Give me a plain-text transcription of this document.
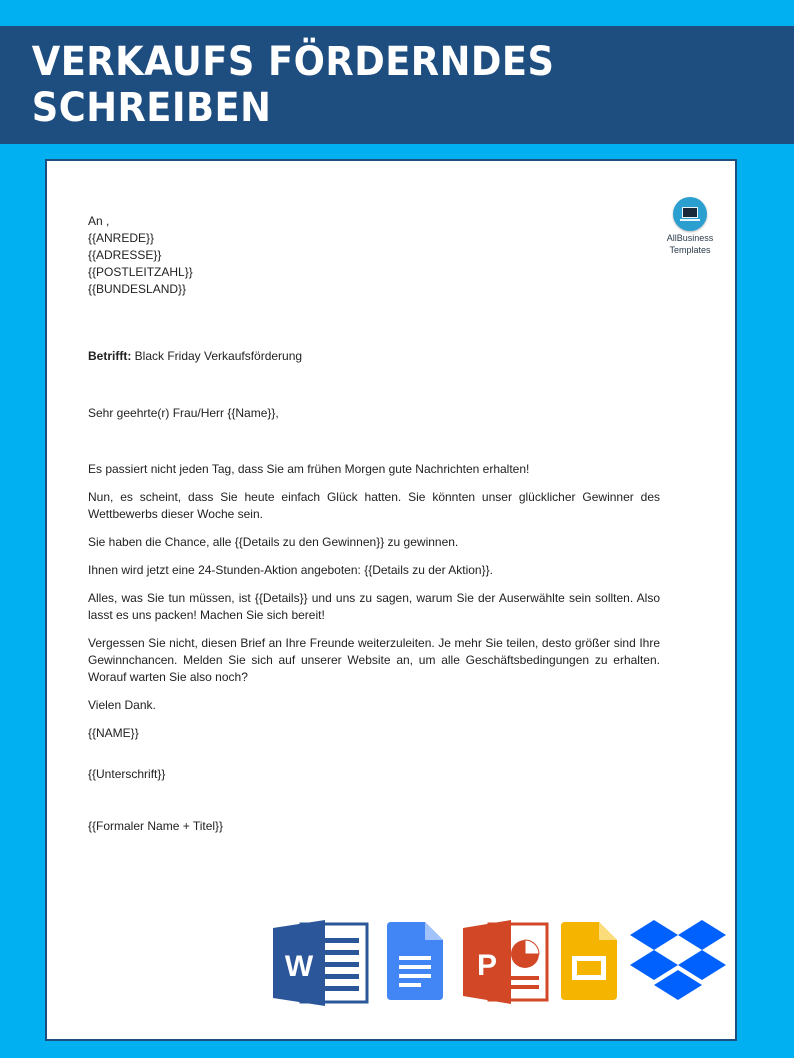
VERKAUFS FÖRDERNDES SCHREIBEN
AllBusiness
Templates
An ,
{{ANREDE}}
{{ADRESSE}}
{{POSTLEITZAHL}}
{{BUNDESLAND}}

Betrifft: Black Friday Verkaufsförderung

Sehr geehrte(r) Frau/Herr {{Name}},

Es passiert nicht jeden Tag, dass Sie am frühen Morgen gute Nachrichten erhalten!

Nun, es scheint, dass Sie heute einfach Glück hatten. Sie könnten unser glücklicher Gewinner des Wettbewerbs dieser Woche sein.

Sie haben die Chance, alle {{Details zu den Gewinnen}} zu gewinnen.

Ihnen wird jetzt eine 24-Stunden-Aktion angeboten: {{Details zu der Aktion}}.

Alles, was Sie tun müssen, ist {{Details}} und uns zu sagen, warum Sie der Auserwählte sein sollten. Also lasst es uns packen! Machen Sie sich bereit!

Vergessen Sie nicht, diesen Brief an Ihre Freunde weiterzuleiten. Je mehr Sie teilen, desto größer sind Ihre Gewinnchancen. Melden Sie sich auf unserer Website an, um alle Geschäftsbedingungen zu erhalten. Worauf warten Sie also noch?

Vielen Dank.

{{NAME}}

{{Unterschrift}}

{{Formaler Name + Titel}}

W	P
